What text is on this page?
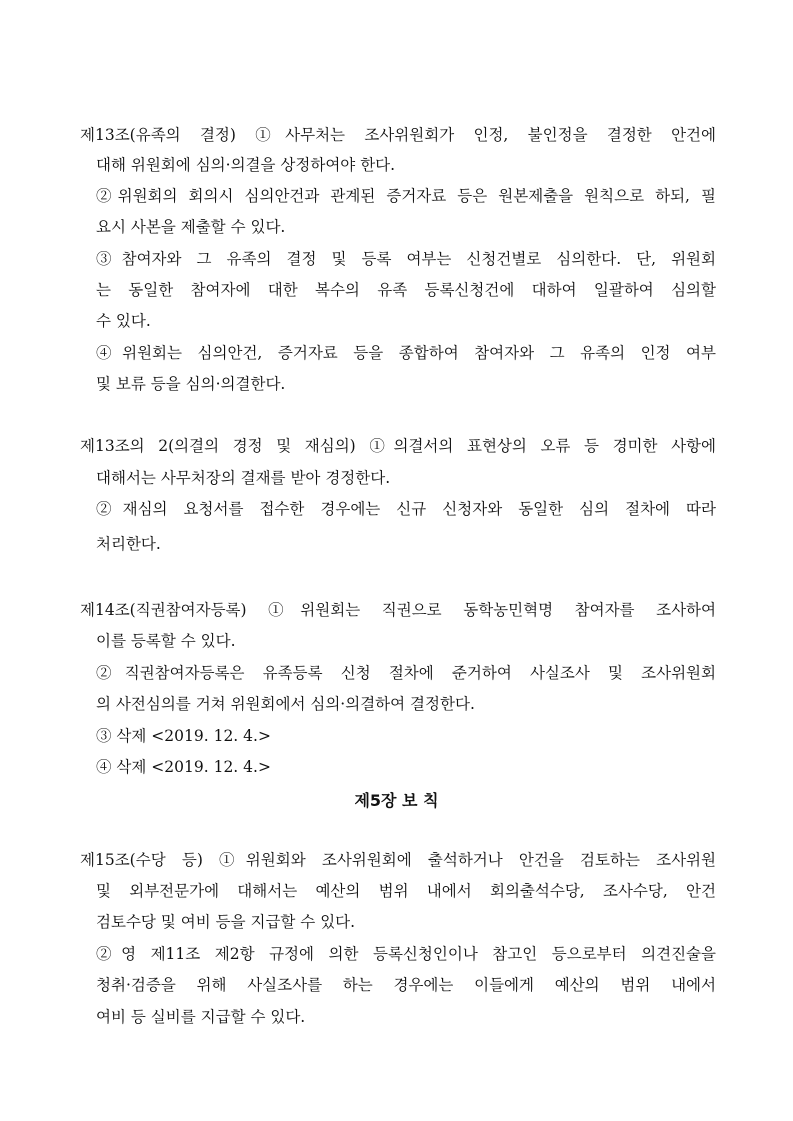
제13조(유족의 결정) ①사무처는 조사위원회가 인정, 불인정을 결정한 안건에

대해 위원회에 심의·의결을 상정하여야 한다.

②위원회의 회의시 심의안건과 관계된 증거자료 등은 원본제출을 원칙으로 하되, 필

요시 사본을 제출할 수 있다.

③참여자와 그 유족의 결정 및 등록 여부는 신청건별로 심의한다. 단, 위원회

는 동일한 참여자에 대한 복수의 유족 등록신청건에 대하여 일괄하여 심의할

수 있다.

④위원회는 심의안건, 증거자료 등을 종합하여 참여자와 그 유족의 인정 여부

및 보류 등을 심의·의결한다.

제13조의 2(의결의 경정 및 재심의) ①의결서의 표현상의 오류 등 경미한 사항에

대해서는 사무처장의 결재를 받아 경정한다.

②재심의 요청서를 접수한 경우에는 신규 신청자와 동일한 심의 절차에 따라

처리한다.

제14조(직권참여자등록) ①위원회는 직권으로 동학농민혁명 참여자를 조사하여

이를 등록할 수 있다.

②직권참여자등록은 유족등록 신청 절차에 준거하여 사실조사 및 조사위원회

의 사전심의를 거쳐 위원회에서 심의·의결하여 결정한다.

③ 삭제 <2019. 12. 4.>

④ 삭제 <2019. 12. 4.>

제5장 보 칙

제15조(수당 등) ①위원회와 조사위원회에 출석하거나 안건을 검토하는 조사위원

및 외부전문가에 대해서는 예산의 범위 내에서 회의출석수당, 조사수당, 안건

검토수당 및 여비 등을 지급할 수 있다.

②영 제11조 제2항 규정에 의한 등록신청인이나 참고인 등으로부터 의견진술을

청취·검증을 위해 사실조사를 하는 경우에는 이들에게 예산의 범위 내에서

여비 등 실비를 지급할 수 있다.
